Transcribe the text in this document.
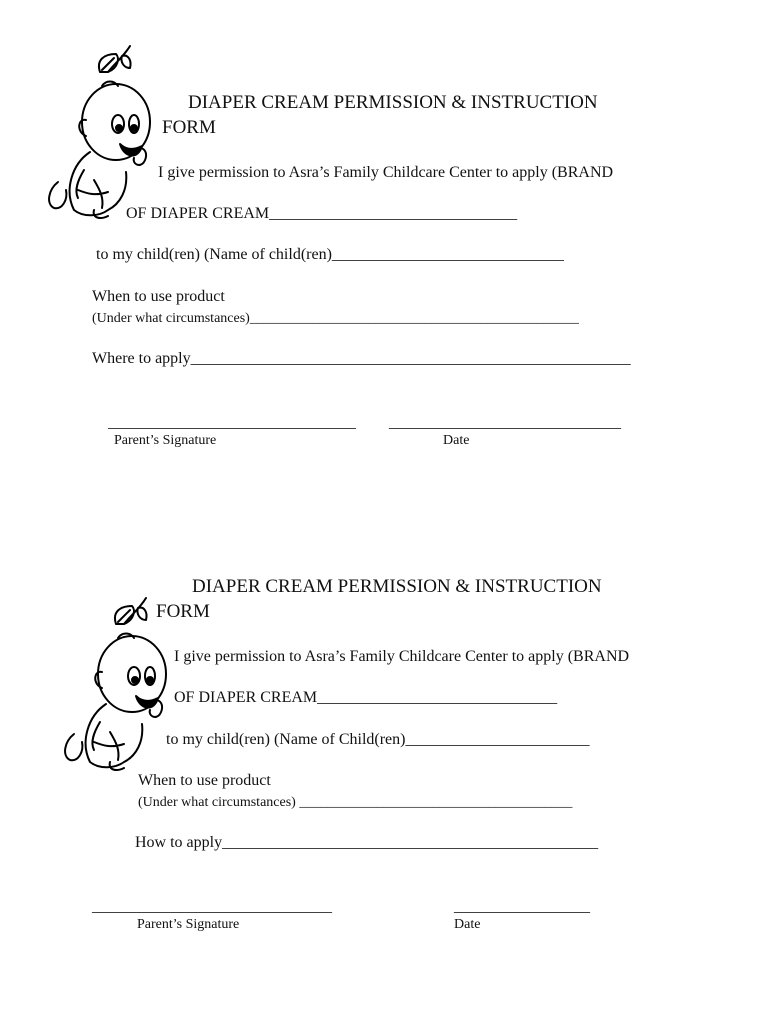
DIAPER CREAM PERMISSION & INSTRUCTION
FORM
I give permission to Asra’s Family Childcare Center to apply (BRAND
OF DIAPER CREAM_______________________________
to my child(ren) (Name of child(ren)_____________________________
When to use product
(Under what circumstances)_______________________________________________
Where to apply_______________________________________________________
_______________________________ _____________________________
Parent’s Signature	Date
DIAPER CREAM PERMISSION & INSTRUCTION
FORM
I give permission to Asra’s Family Childcare Center to apply (BRAND
OF DIAPER CREAM______________________________
to my child(ren) (Name of Child(ren)_______________________
When to use product
(Under what circumstances) _______________________________________
How to apply_______________________________________________
______________________________	_________________
Parent’s Signature	Date
